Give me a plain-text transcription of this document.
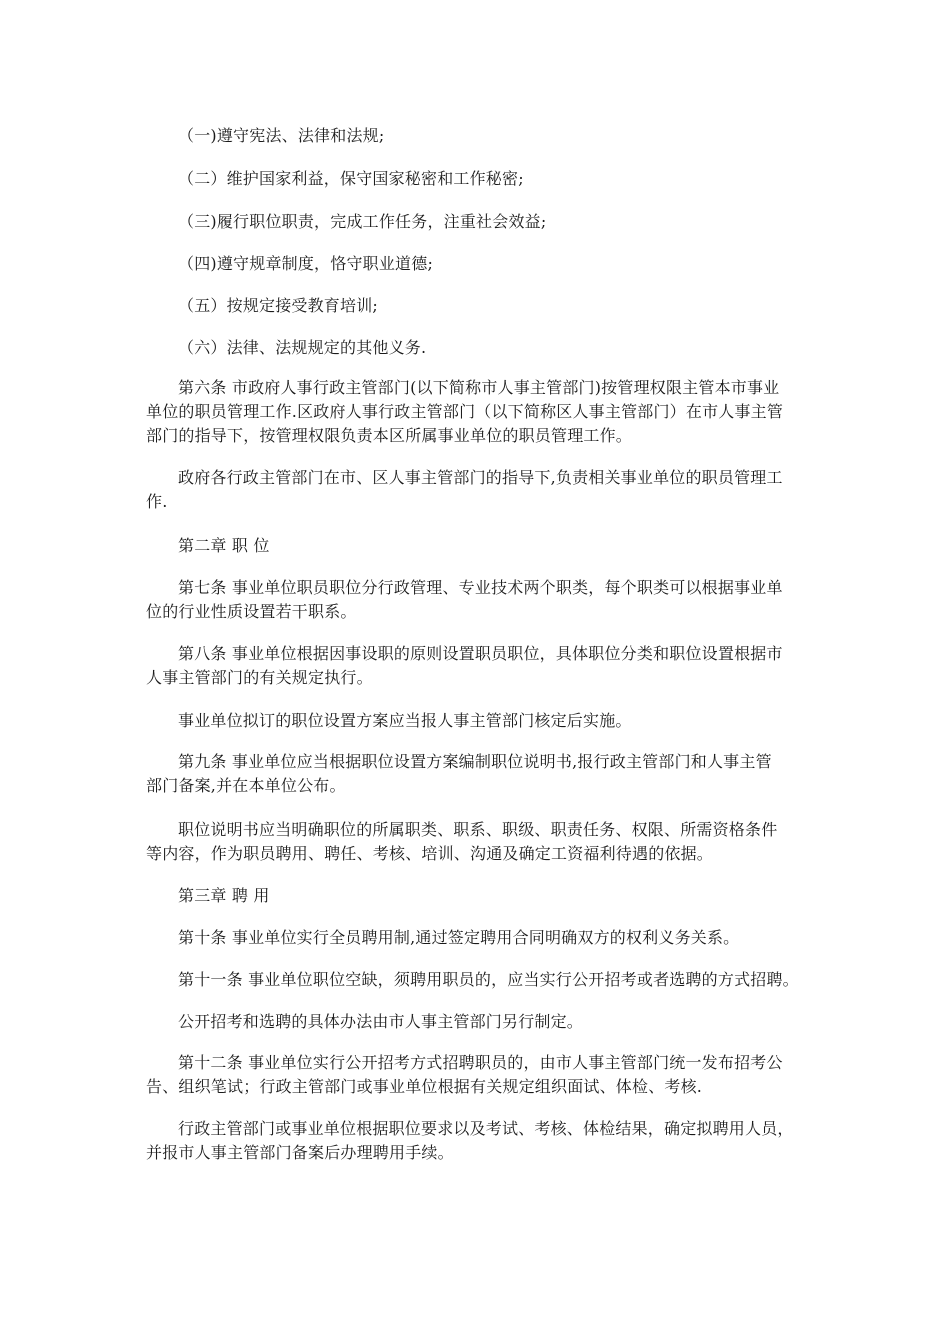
（一)遵守宪法、法律和法规;

（二）维护国家利益，保守国家秘密和工作秘密;

（三)履行职位职责，完成工作任务，注重社会效益;

（四)遵守规章制度，恪守职业道德;

（五）按规定接受教育培训;

（六）法律、法规规定的其他义务.

第六条 市政府人事行政主管部门(以下简称市人事主管部门)按管理权限主管本市事业
单位的职员管理工作.区政府人事行政主管部门（以下简称区人事主管部门）在市人事主管
部门的指导下，按管理权限负责本区所属事业单位的职员管理工作。

政府各行政主管部门在市、区人事主管部门的指导下,负责相关事业单位的职员管理工
作.

第二章 职 位

第七条 事业单位职员职位分行政管理、专业技术两个职类，每个职类可以根据事业单
位的行业性质设置若干职系。

第八条 事业单位根据因事设职的原则设置职员职位，具体职位分类和职位设置根据市
人事主管部门的有关规定执行。

事业单位拟订的职位设置方案应当报人事主管部门核定后实施。

第九条 事业单位应当根据职位设置方案编制职位说明书,报行政主管部门和人事主管
部门备案,并在本单位公布。

职位说明书应当明确职位的所属职类、职系、职级、职责任务、权限、所需资格条件
等内容，作为职员聘用、聘任、考核、培训、沟通及确定工资福利待遇的依据。

第三章 聘 用

第十条 事业单位实行全员聘用制,通过签定聘用合同明确双方的权利义务关系。

第十一条 事业单位职位空缺，须聘用职员的，应当实行公开招考或者选聘的方式招聘。

公开招考和选聘的具体办法由市人事主管部门另行制定。

第十二条 事业单位实行公开招考方式招聘职员的，由市人事主管部门统一发布招考公
告、组织笔试；行政主管部门或事业单位根据有关规定组织面试、体检、考核.

行政主管部门或事业单位根据职位要求以及考试、考核、体检结果，确定拟聘用人员，
并报市人事主管部门备案后办理聘用手续。
